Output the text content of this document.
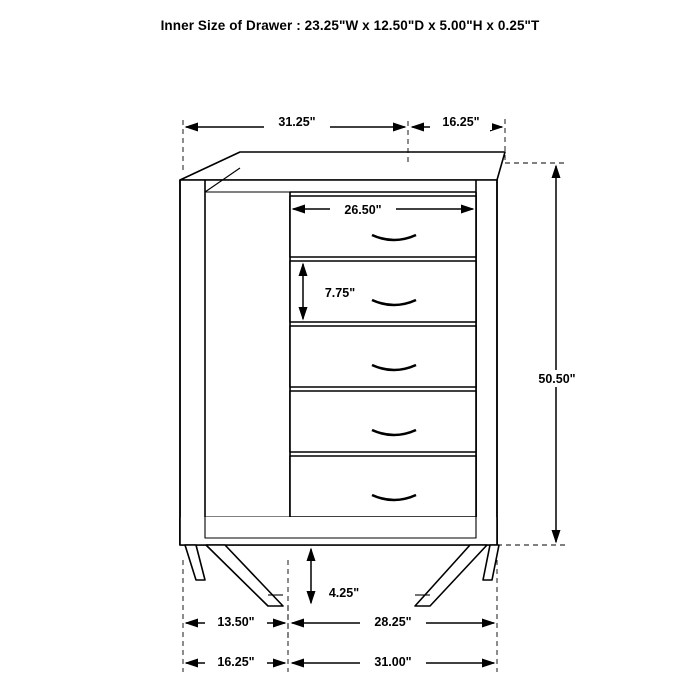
Inner Size of Drawer : 23.25"W x 12.50"D x 5.00"H x 0.25"T
31.25"	16.25"
26.50"
7.75"
50.50"
4.25"
13.50"	28.25"
16.25"	31.00"
